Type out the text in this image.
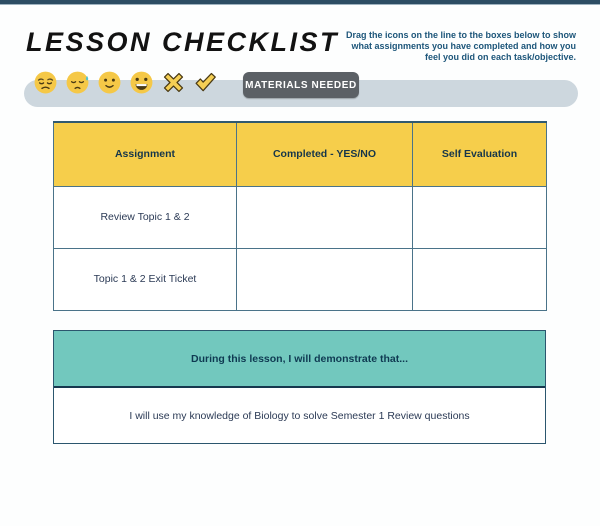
LESSON CHECKLIST Drag the icons on the line to the boxes below to show what assignments you have completed and how you feel you did on each task/objective.
MATERIALS NEEDED
Assignment	Completed - YES/NO	Self Evaluation
Review Topic 1 & 2		
Topic 1 & 2 Exit Ticket		
During this lesson, I will demonstrate that...
I will use my knowledge of Biology to solve Semester 1 Review questions
